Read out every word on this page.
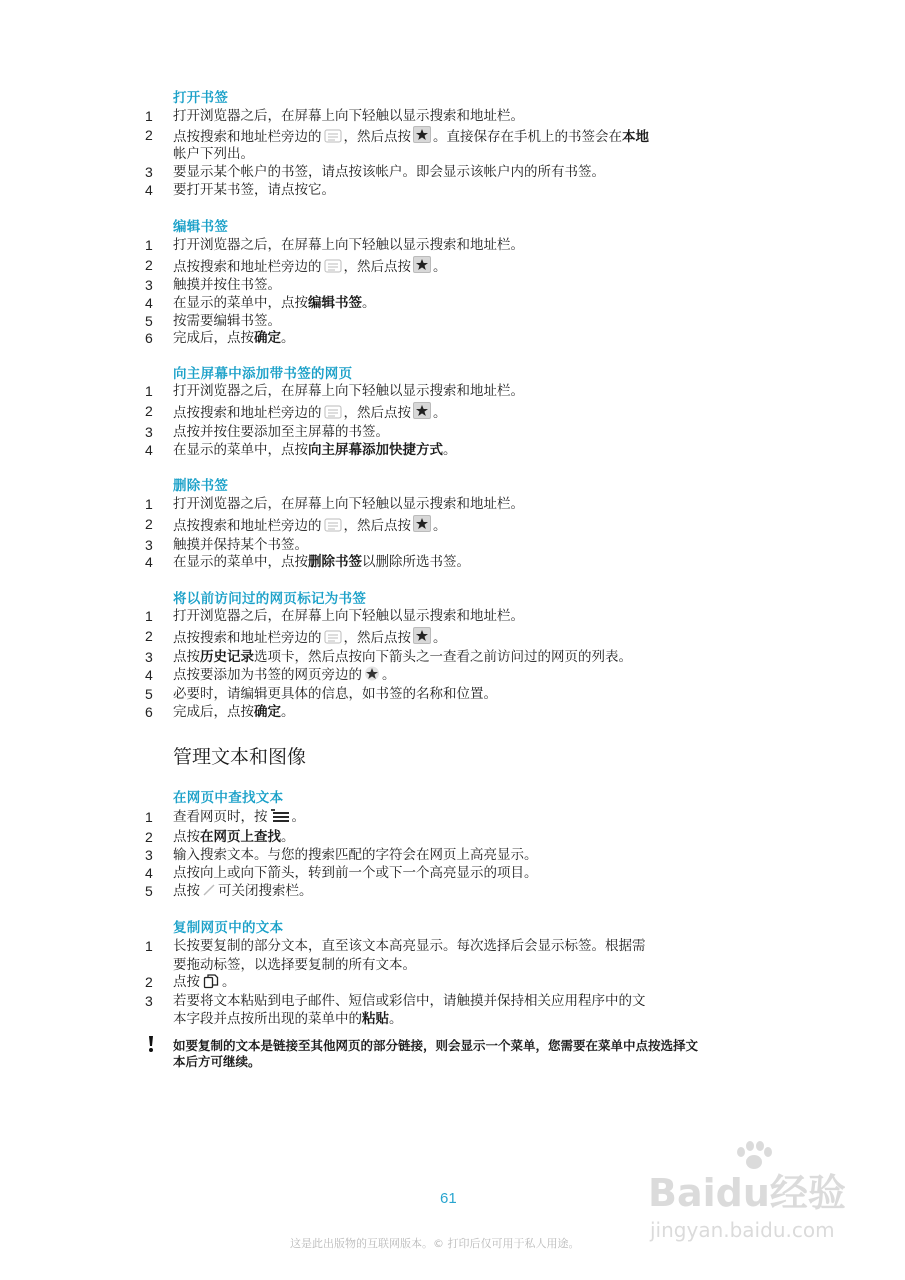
打开书签
1	打开浏览器之后，在屏幕上向下轻触以显示搜索和地址栏。
2	点按搜索和地址栏旁边的 ，然后点按 。直接保存在手机上的书签会在本地
帐户下列出。
3	要显示某个帐户的书签，请点按该帐户。即会显示该帐户内的所有书签。
4	要打开某书签，请点按它。
编辑书签
1	打开浏览器之后，在屏幕上向下轻触以显示搜索和地址栏。
2	点按搜索和地址栏旁边的 ，然后点按 。
3	触摸并按住书签。
4	在显示的菜单中，点按编辑书签。
5	按需要编辑书签。
6	完成后，点按确定。
向主屏幕中添加带书签的网页
1	打开浏览器之后，在屏幕上向下轻触以显示搜索和地址栏。
2	点按搜索和地址栏旁边的 ，然后点按 。
3	点按并按住要添加至主屏幕的书签。
4	在显示的菜单中，点按向主屏幕添加快捷方式。
删除书签
1	打开浏览器之后，在屏幕上向下轻触以显示搜索和地址栏。
2	点按搜索和地址栏旁边的 ，然后点按 。
3	触摸并保持某个书签。
4	在显示的菜单中，点按删除书签以删除所选书签。
将以前访问过的网页标记为书签
1	打开浏览器之后，在屏幕上向下轻触以显示搜索和地址栏。
2	点按搜索和地址栏旁边的 ，然后点按 。
3	点按历史记录选项卡，然后点按向下箭头之一查看之前访问过的网页的列表。
4	点按要添加为书签的网页旁边的 。
5	必要时，请编辑更具体的信息，如书签的名称和位置。
6	完成后，点按确定。
管理文本和图像
在网页中查找文本
1	查看网页时，按 。
2	点按在网页上查找。
3	输入搜索文本。与您的搜索匹配的字符会在网页上高亮显示。
4	点按向上或向下箭头，转到前一个或下一个高亮显示的项目。
5	点按 可关闭搜索栏。
复制网页中的文本
1	长按要复制的部分文本，直至该文本高亮显示。每次选择后会显示标签。根据需
要拖动标签，以选择要复制的所有文本。
2	点按 。
3	若要将文本粘贴到电子邮件、短信或彩信中，请触摸并保持相关应用程序中的文
本字段并点按所出现的菜单中的粘贴。
如要复制的文本是链接至其他网页的部分链接，则会显示一个菜单，您需要在菜单中点按选择文
本后方可继续。
61
这是此出版物的互联网版本。© 打印后仅可用于私人用途。
Baidu经验
jingyan.baidu.com
